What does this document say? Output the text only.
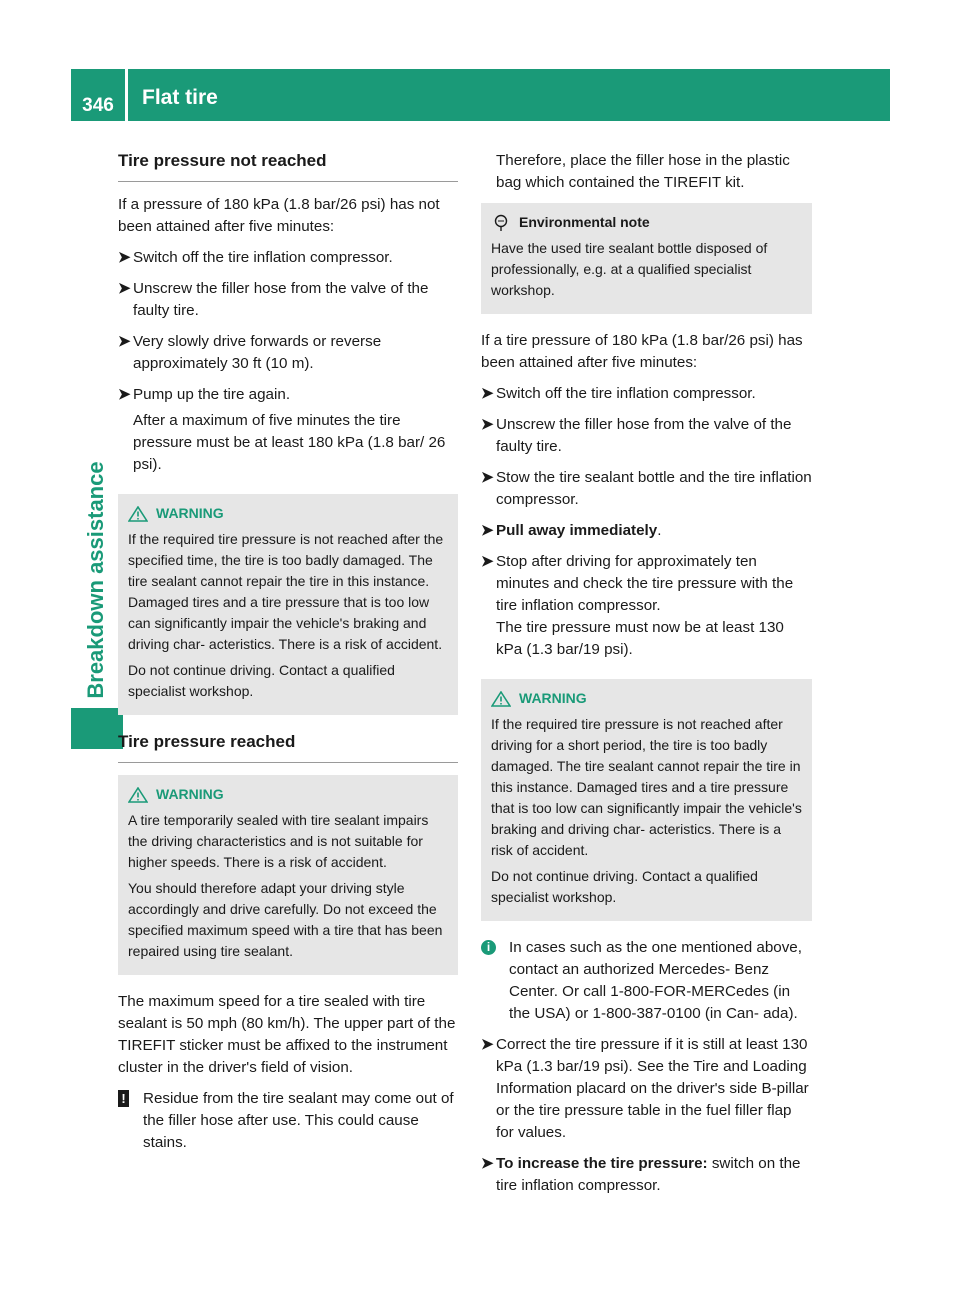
346	Flat tire
Breakdown assistance
Tire pressure not reached

If a pressure of 180 kPa (1.8 bar/26 psi) has not been attained after five minutes:

➤ Switch off the tire inflation compressor.
➤ Unscrew the filler hose from the valve of the faulty tire.
➤ Very slowly drive forwards or reverse approximately 30 ft (10 m).
➤ Pump up the tire again.
After a maximum of five minutes the tire pressure must be at least 180 kPa (1.8 bar/ 26 psi).
WARNING

If the required tire pressure is not reached after the specified time, the tire is too badly damaged. The tire sealant cannot repair the tire in this instance. Damaged tires and a tire pressure that is too low can significantly impair the vehicle's braking and driving char- acteristics. There is a risk of accident.

Do not continue driving. Contact a qualified specialist workshop.

Tire pressure reached
WARNING

A tire temporarily sealed with tire sealant impairs the driving characteristics and is not suitable for higher speeds. There is a risk of accident.

You should therefore adapt your driving style accordingly and drive carefully. Do not exceed the specified maximum speed with a tire that has been repaired using tire sealant.

The maximum speed for a tire sealed with tire sealant is 50 mph (80 km/h). The upper part of the TIREFIT sticker must be affixed to the instrument cluster in the driver's field of vision.

!	Residue from the tire sealant may come out of the filler hose after use. This could cause stains.
Therefore, place the filler hose in the plastic bag which contained the TIREFIT kit.
Environmental note

Have the used tire sealant bottle disposed of professionally, e.g. at a qualified specialist workshop.

If a tire pressure of 180 kPa (1.8 bar/26 psi) has been attained after five minutes:

➤ Switch off the tire inflation compressor.
➤ Unscrew the filler hose from the valve of the faulty tire.
➤ Stow the tire sealant bottle and the tire inflation compressor.
➤ Pull away immediately.
➤ Stop after driving for approximately ten minutes and check the tire pressure with the tire inflation compressor.
The tire pressure must now be at least 130 kPa (1.3 bar/19 psi).
WARNING

If the required tire pressure is not reached after driving for a short period, the tire is too badly damaged. The tire sealant cannot repair the tire in this instance. Damaged tires and a tire pressure that is too low can significantly impair the vehicle's braking and driving char- acteristics. There is a risk of accident.

Do not continue driving. Contact a qualified specialist workshop.

i	In cases such as the one mentioned above, contact an authorized Mercedes- Benz Center. Or call 1-800-FOR-MERCedes (in the USA) or 1-800-387-0100 (in Can- ada).
➤ Correct the tire pressure if it is still at least 130 kPa (1.3 bar/19 psi). See the Tire and Loading Information placard on the driver's side B-pillar or the tire pressure table in the fuel filler flap for values.
➤ To increase the tire pressure: switch on the tire inflation compressor.
